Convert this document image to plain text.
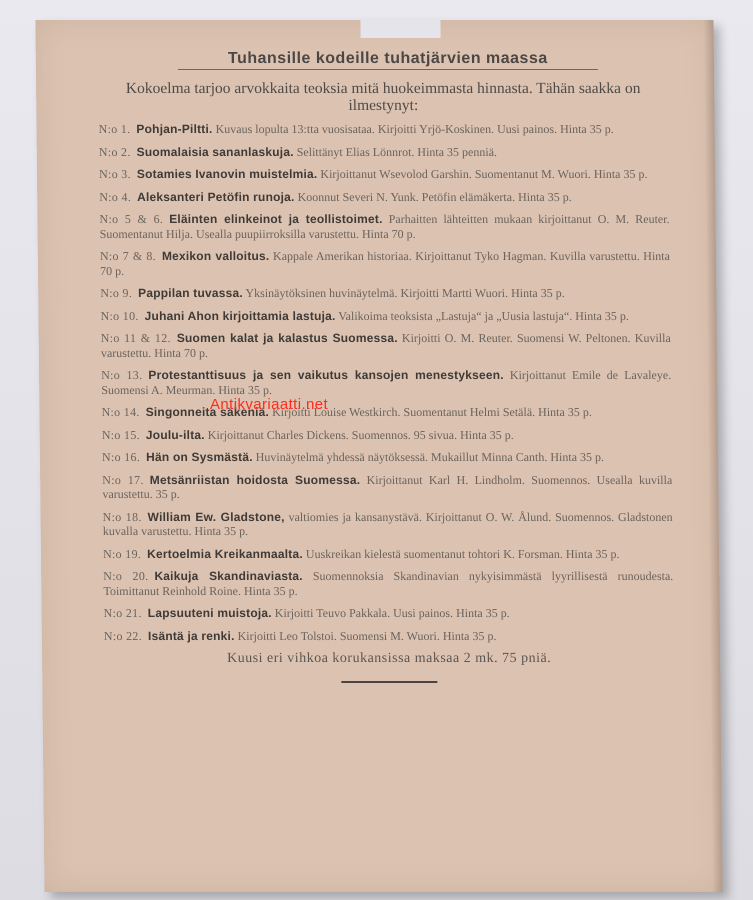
Tuhansille kodeille tuhatjärvien maassa
Kokoelma tarjoo arvokkaita teoksia mitä huokeimmasta hinnasta. Tähän saakka on ilmestynyt:
N:o 1. Pohjan-Piltti. Kuvaus lopulta 13:tta vuosisataa. Kirjoitti Yrjö-Koskinen. Uusi painos. Hinta 35 p.
N:o 2. Suomalaisia sananlaskuja. Selittänyt Elias Lönnrot. Hinta 35 penniä.
N:o 3. Sotamies Ivanovin muistelmia. Kirjoittanut Wsevolod Garshin. Suomentanut M. Wuori. Hinta 35 p.
N:o 4. Aleksanteri Petöfin runoja. Koonnut Severi N. Yunk. Petöfin elämäkerta. Hinta 35 p.
N:o 5 & 6. Eläinten elinkeinot ja teollistoimet. Parhaitten lähteitten mukaan kirjoittanut O. M. Reuter. Suomentanut Hilja. Usealla puupiirroksilla varustettu. Hinta 70 p.
N:o 7 & 8. Mexikon valloitus. Kappale Amerikan historiaa. Kirjoittanut Tyko Hagman. Kuvilla varustettu. Hinta 70 p.
N:o 9. Pappilan tuvassa. Yksinäytöksinen huvinäytelmä. Kirjoitti Martti Wuori. Hinta 35 p.
N:o 10. Juhani Ahon kirjoittamia lastuja. Valikoima teoksista „Lastuja“ ja „Uusia lastuja“. Hinta 35 p.
N:o 11 & 12. Suomen kalat ja kalastus Suomessa. Kirjoitti O. M. Reuter. Suomensi W. Peltonen. Kuvilla varustettu. Hinta 70 p.
N:o 13. Protestanttisuus ja sen vaikutus kansojen menestykseen. Kirjoittanut Emile de Lavaleye. Suomensi A. Meurman. Hinta 35 p.
N:o 14. Singonneita säkeniä. Kirjoitti Louise Westkirch. Suomentanut Helmi Setälä. Hinta 35 p.
N:o 15. Joulu-ilta. Kirjoittanut Charles Dickens. Suomennos. 95 sivua. Hinta 35 p.
N:o 16. Hän on Sysmästä. Huvinäytelmä yhdessä näytöksessä. Mukaillut Minna Canth. Hinta 35 p.
N:o 17. Metsänriistan hoidosta Suomessa. Kirjoittanut Karl H. Lindholm. Suomennos. Usealla kuvilla varustettu. 35 p.
N:o 18. William Ew. Gladstone, valtiomies ja kansanystävä. Kirjoittanut O. W. Ålund. Suomennos. Gladstonen kuvalla varustettu. Hinta 35 p.
N:o 19. Kertoelmia Kreikanmaalta. Uuskreikan kielestä suomentanut tohtori K. Forsman. Hinta 35 p.
N:o 20. Kaikuja Skandinaviasta. Suomennoksia Skandinavian nykyisimmästä lyyrillisestä runoudesta. Toimittanut Reinhold Roine. Hinta 35 p.
N:o 21. Lapsuuteni muistoja. Kirjoitti Teuvo Pakkala. Uusi painos. Hinta 35 p.
N:o 22. Isäntä ja renki. Kirjoitti Leo Tolstoi. Suomensi M. Wuori. Hinta 35 p.
Kuusi eri vihkoa korukansissa maksaa 2 mk. 75 pniä.
Antikvariaatti.net
